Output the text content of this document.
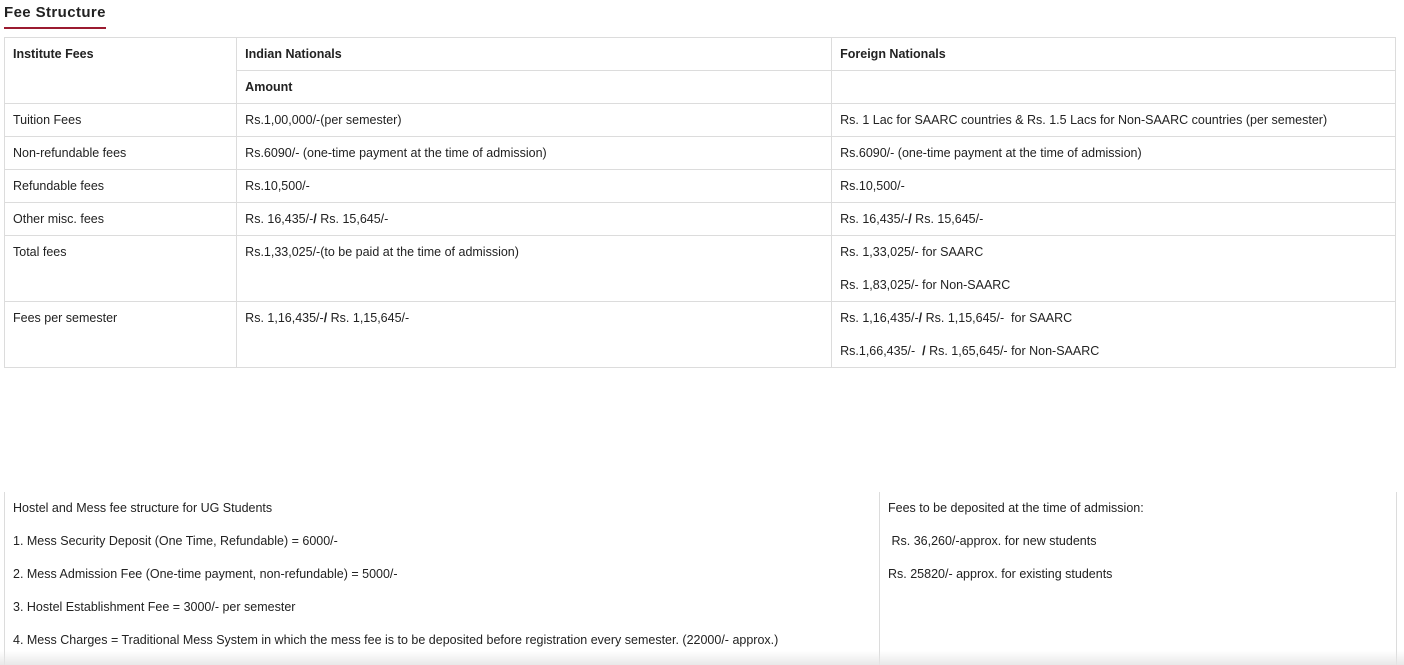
Fee Structure
Institute Fees	Indian Nationals	Foreign Nationals
	Amount	
Tuition Fees	Rs.1,00,000/-(per semester)	Rs. 1 Lac for SAARC countries & Rs. 1.5 Lacs for Non-SAARC countries (per semester)
Non-refundable fees	Rs.6090/- (one-time payment at the time of admission)	Rs.6090/- (one-time payment at the time of admission)
Refundable fees	Rs.10,500/-	Rs.10,500/-
Other misc. fees	Rs. 16,435/-/ Rs. 15,645/-	Rs. 16,435/-/ Rs. 15,645/-
Total fees	Rs.1,33,025/-(to be paid at the time of admission)	Rs. 1,33,025/- for SAARC
Rs. 1,83,025/- for Non-SAARC

Fees per semester	Rs. 1,16,435/-/ Rs. 1,15,645/-	Rs. 1,16,435/-/ Rs. 1,15,645/-  for SAARC
Rs.1,66,435/-  / Rs. 1,65,645/- for Non-SAARC

Hostel and Mess fee structure for UG Students

1. Mess Security Deposit (One Time, Refundable) = 6000/-

2. Mess Admission Fee (One-time payment, non-refundable) = 5000/-

3. Hostel Establishment Fee = 3000/- per semester

4. Mess Charges = Traditional Mess System in which the mess fee is to be deposited before registration every semester. (22000/- approx.)

Fees to be deposited at the time of admission:

Rs. 36,260/-approx. for new students

Rs. 25820/- approx. for existing students
